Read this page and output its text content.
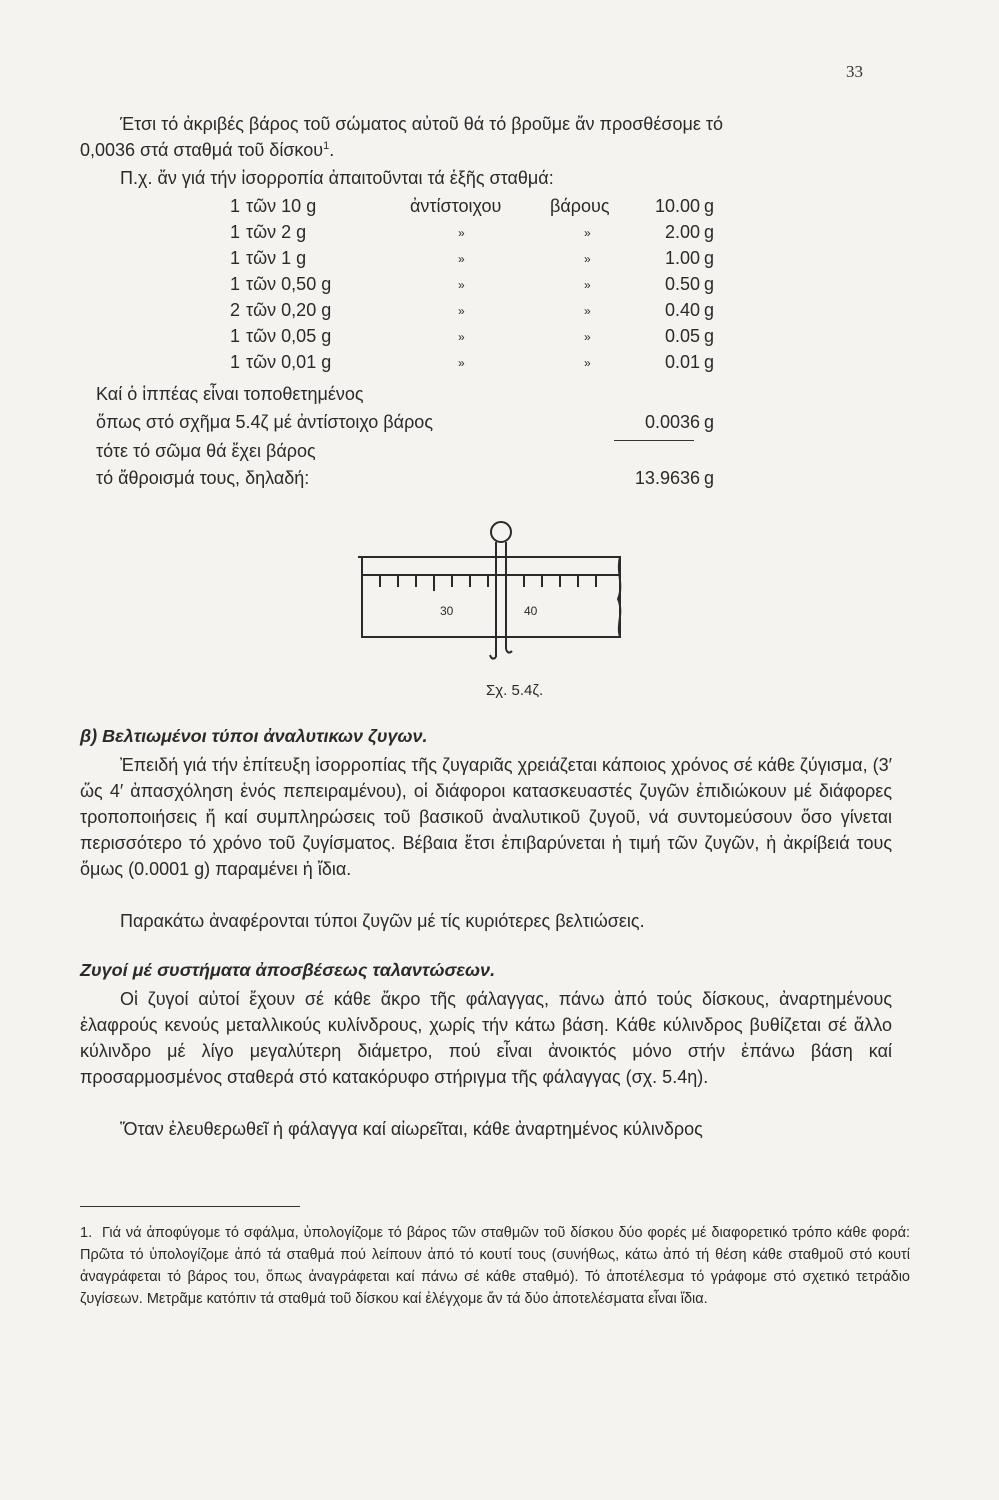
33
Έτσι τό ἀκριβές βάρος τοῦ σώματος αὐτοῦ θά τό βροῦμε ἄν προσθέσομε τό
0,0036 στά σταθμά τοῦ δίσκου$^1$.
Π.χ. ἄν γιά τήν ἰσορροπία ἀπαιτοῦνται τά ἑξῆς σταθμά:
1 τῶν 10 g	ἀντίστοιχου	βάρους	10.00 g
1 τῶν 2 g	»	»	2.00 g
1 τῶν 1 g	»	»	1.00 g
1 τῶν 0,50 g	»	»	0.50 g
2 τῶν 0,20 g	»	»	0.40 g
1 τῶν 0,05 g	»	»	0.05 g
1 τῶν 0,01 g	»	»	0.01 g
Καί ὁ ἱππέας εἶναι τοποθετημένος
ὅπως στό σχῆμα 5.4ζ μέ ἀντίστοιχο βάρος	0.0036 g
τότε τό σῶμα θά ἔχει βάρος
τό ἄθροισμά τους, δηλαδή:	13.9636 g
30	40
Σχ. 5.4ζ.
β) Βελτιωμένοι τύποι ἀναλυτικων ζυγων.

Ἐπειδή γιά τήν ἐπίτευξη ἰσορροπίας τῆς ζυγαριᾶς χρειάζεται κάποιος χρόνος σέ κάθε ζύγισμα, (3′ ὥς 4′ ἀπασχόληση ἑνός πεπειραμένου), οἱ διάφοροι κατασκευαστές ζυγῶν ἐπιδιώκουν μέ διάφορες τροποποιήσεις ἤ καί συμπληρώσεις τοῦ βασικοῦ ἀναλυτικοῦ ζυγοῦ, νά συντομεύσουν ὅσο γίνεται περισσότερο τό χρόνο τοῦ ζυγίσματος. Βέβαια ἔτσι ἐπιβαρύνεται ἡ τιμή τῶν ζυγῶν, ἡ ἀκρίβειά τους ὅμως (0.0001 g) παραμένει ἡ ἴδια.

Παρακάτω ἀναφέρονται τύποι ζυγῶν μέ τίς κυριότερες βελτιώσεις.

Ζυγοί μέ συστήματα ἀποσβέσεως ταλαντώσεων.

Οἱ ζυγοί αὐτοί ἔχουν σέ κάθε ἄκρο τῆς φάλαγγας, πάνω ἀπό τούς δίσκους, ἀναρτημένους ἐλαφρούς κενούς μεταλλικούς κυλίνδρους, χωρίς τήν κάτω βάση. Κάθε κύλινδρος βυθίζεται σέ ἄλλο κύλινδρο μέ λίγο μεγαλύτερη διάμετρο, πού εἶναι ἀνοικτός μόνο στήν ἐπάνω βάση καί προσαρμοσμένος σταθερά στό κατακόρυφο στήριγμα τῆς φάλαγγας (σχ. 5.4η).

Ὅταν ἐλευθερωθεῖ ἡ φάλαγγα καί αἰωρεῖται, κάθε ἀναρτημένος κύλινδρος

1. Γιά νά ἀποφύγομε τό σφάλμα, ὑπολογίζομε τό βάρος τῶν σταθμῶν τοῦ δίσκου δύο φορές μέ διαφορετικό τρόπο κάθε φορά: Πρῶτα τό ὑπολογίζομε ἀπό τά σταθμά πού λείπουν ἀπό τό κουτί τους (συνήθως, κάτω ἀπό τή θέση κάθε σταθμοῦ στό κουτί ἀναγράφεται τό βάρος του, ὅπως ἀναγράφεται καί πάνω σέ κάθε σταθμό). Τό ἀποτέλεσμα τό γράφομε στό σχετικό τετράδιο ζυγίσεων. Μετρᾶμε κατόπιν τά σταθμά τοῦ δίσκου καί ἐλέγχομε ἄν τά δύο ἀποτελέσματα εἶναι ἴδια.
